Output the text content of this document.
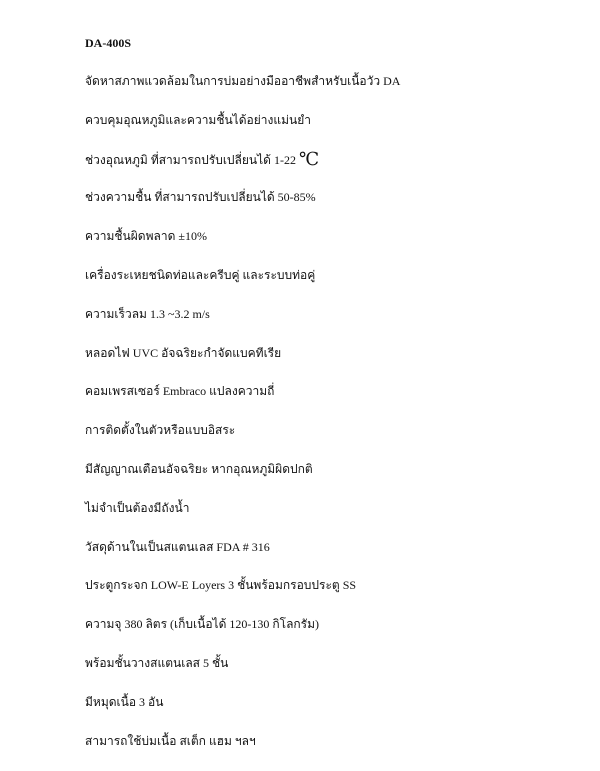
DA-400S
จัดหาสภาพแวดล้อมในการบ่มอย่างมืออาชีพสำหรับเนื้อวัว DA
ควบคุมอุณหภูมิและความชื้นได้อย่างแม่นยำ
ช่วงอุณหภูมิ ที่สามารถปรับเปลี่ยนได้ 1-22 ℃
ช่วงความชื้น ที่สามารถปรับเปลี่ยนได้ 50-85%
ความชื้นผิดพลาด ±10%
เครื่องระเหยชนิดท่อและครีบคู่ และระบบท่อคู่
ความเร็วลม 1.3 ~3.2 m/s
หลอดไฟ UVC อัจฉริยะกำจัดแบคทีเรีย
คอมเพรสเซอร์ Embraco แปลงความถี่
การติดตั้งในตัวหรือแบบอิสระ
มีสัญญาณเตือนอัจฉริยะ หากอุณหภูมิผิดปกติ
ไม่จำเป็นต้องมีถังน้ำ
วัสดุด้านในเป็นสแตนเลส FDA # 316
ประตูกระจก LOW-E Loyers 3 ชั้นพร้อมกรอบประตู SS
ความจุ 380 ลิตร (เก็บเนื้อได้ 120-130 กิโลกรัม)
พร้อมชั้นวางสแตนเลส 5 ชั้น
มีหมุดเนื้อ 3 อัน
สามารถใช้บ่มเนื้อ สเต็ก แฮม ฯลฯ
